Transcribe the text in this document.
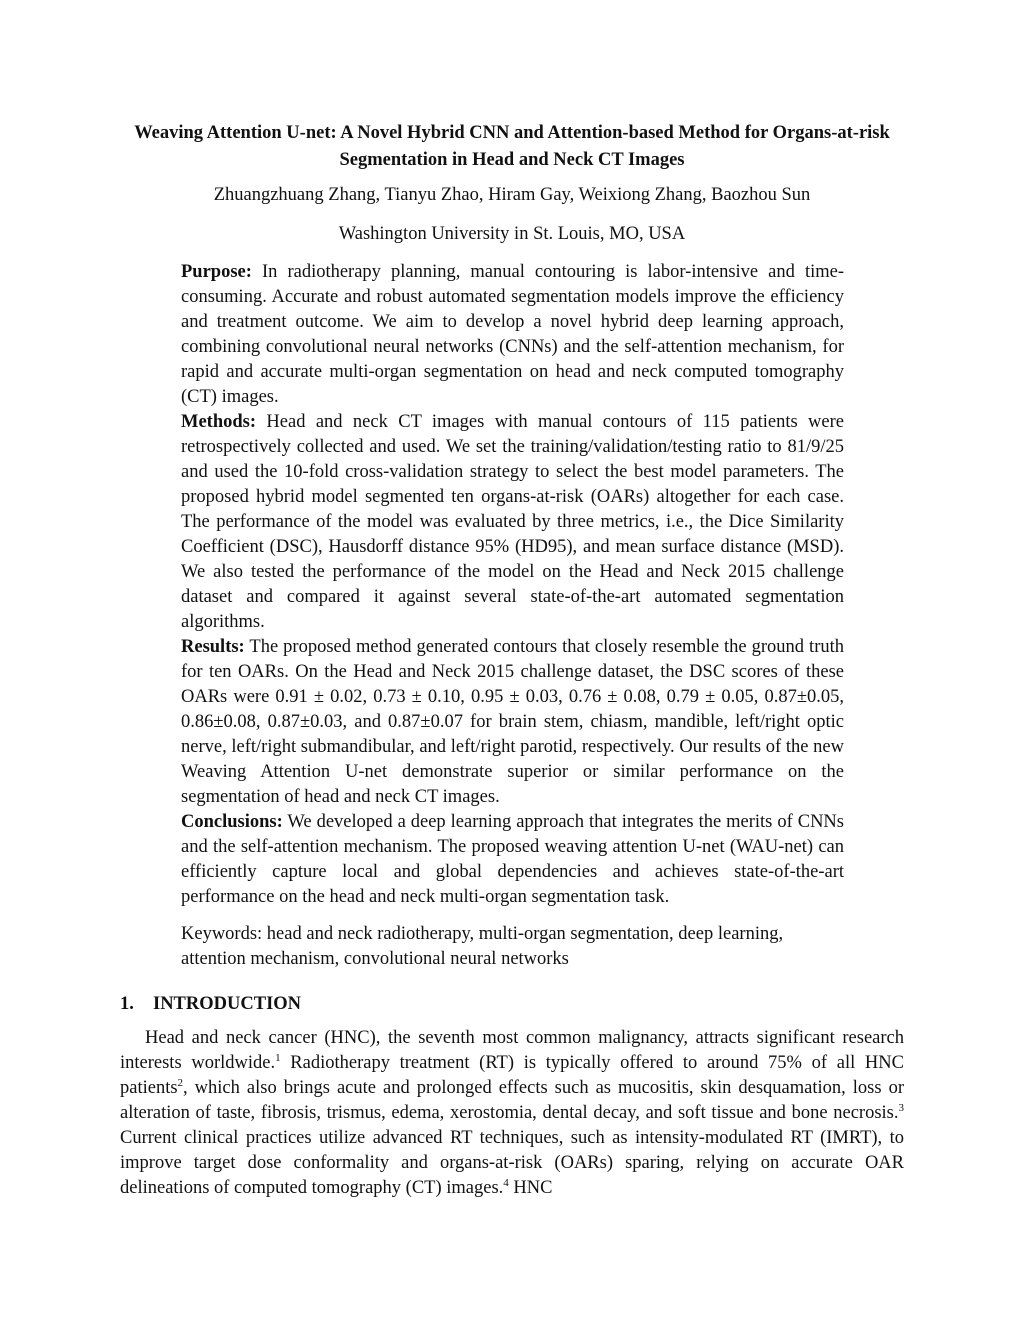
Weaving Attention U-net: A Novel Hybrid CNN and Attention-based Method for Organs-at-risk Segmentation in Head and Neck CT Images
Zhuangzhuang Zhang, Tianyu Zhao, Hiram Gay, Weixiong Zhang, Baozhou Sun
Washington University in St. Louis, MO, USA

Purpose: In radiotherapy planning, manual contouring is labor-intensive and time-consuming. Accurate and robust automated segmentation models improve the efficiency and treatment outcome. We aim to develop a novel hybrid deep learning approach, combining convolutional neural networks (CNNs) and the self-attention mechanism, for rapid and accurate multi-organ segmentation on head and neck computed tomography (CT) images.

Methods: Head and neck CT images with manual contours of 115 patients were retrospectively collected and used. We set the training/validation/testing ratio to 81/9/25 and used the 10-fold cross-validation strategy to select the best model parameters. The proposed hybrid model segmented ten organs-at-risk (OARs) altogether for each case. The performance of the model was evaluated by three metrics, i.e., the Dice Similarity Coefficient (DSC), Hausdorff distance 95% (HD95), and mean surface distance (MSD). We also tested the performance of the model on the Head and Neck 2015 challenge dataset and compared it against several state-of-the-art automated segmentation algorithms.

Results: The proposed method generated contours that closely resemble the ground truth for ten OARs. On the Head and Neck 2015 challenge dataset, the DSC scores of these OARs were 0.91 ± 0.02, 0.73 ± 0.10, 0.95 ± 0.03, 0.76 ± 0.08, 0.79 ± 0.05, 0.87±0.05, 0.86±0.08, 0.87±0.03, and 0.87±0.07 for brain stem, chiasm, mandible, left/right optic nerve, left/right submandibular, and left/right parotid, respectively. Our results of the new Weaving Attention U-net demonstrate superior or similar performance on the segmentation of head and neck CT images.

Conclusions: We developed a deep learning approach that integrates the merits of CNNs and the self-attention mechanism. The proposed weaving attention U-net (WAU-net) can efficiently capture local and global dependencies and achieves state-of-the-art performance on the head and neck multi-organ segmentation task.

Keywords: head and neck radiotherapy, multi-organ segmentation, deep learning, attention mechanism, convolutional neural networks

1. INTRODUCTION

Head and neck cancer (HNC), the seventh most common malignancy, attracts significant research interests worldwide.$^1$ Radiotherapy treatment (RT) is typically offered to around 75% of all HNC patients$^2$, which also brings acute and prolonged effects such as mucositis, skin desquamation, loss or alteration of taste, fibrosis, trismus, edema, xerostomia, dental decay, and soft tissue and bone necrosis.$^3$ Current clinical practices utilize advanced RT techniques, such as intensity-modulated RT (IMRT), to improve target dose conformality and organs-at-risk (OARs) sparing, relying on accurate OAR delineations of computed tomography (CT) images.$^4$ HNC
